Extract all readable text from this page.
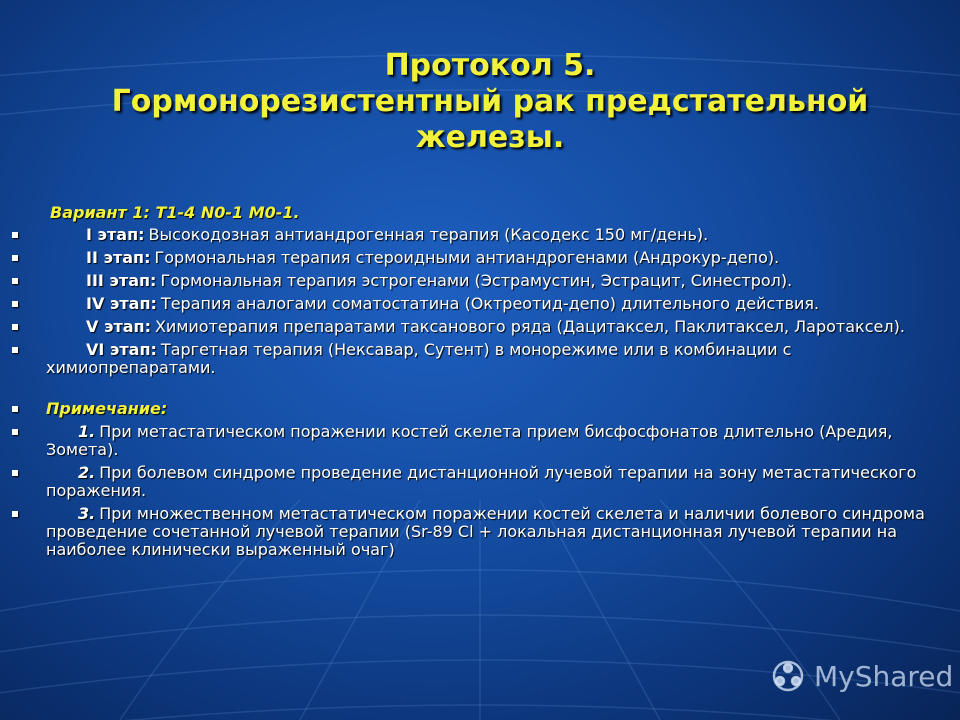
Протокол 5.
Гормонорезистентный рак предстательной
железы.
Вариант 1: Т1-4 N0-1 М0-1.
I этап: Высокодозная антиандрогенная терапия (Касодекс 150 мг/день).
II этап: Гормональная терапия стероидными антиандрогенами (Андрокур-депо).
III этап: Гормональная терапия эстрогенами (Эстрамустин, Эстрацит, Синестрол).
IV этап: Терапия аналогами соматостатина (Октреотид-депо) длительного действия.
V этап: Химиотерапия препаратами таксанового ряда (Дацитаксел, Паклитаксел, Ларотаксел).
VI этап: Таргетная терапия (Нексавар, Сутент) в монорежиме или в комбинации с химиопрепаратами.
Примечание:
1. При метастатическом поражении костей скелета прием бисфосфонатов длительно (Аредия, Зомета).
2. При болевом синдроме проведение дистанционной лучевой терапии на зону метастатического поражения.
3. При множественном метастатическом поражении костей скелета и наличии болевого синдрома проведение сочетанной лучевой терапии (Sr-89 Cl + локальная дистанционная лучевой терапии на наиболее клинически выраженный очаг)
MyShared
